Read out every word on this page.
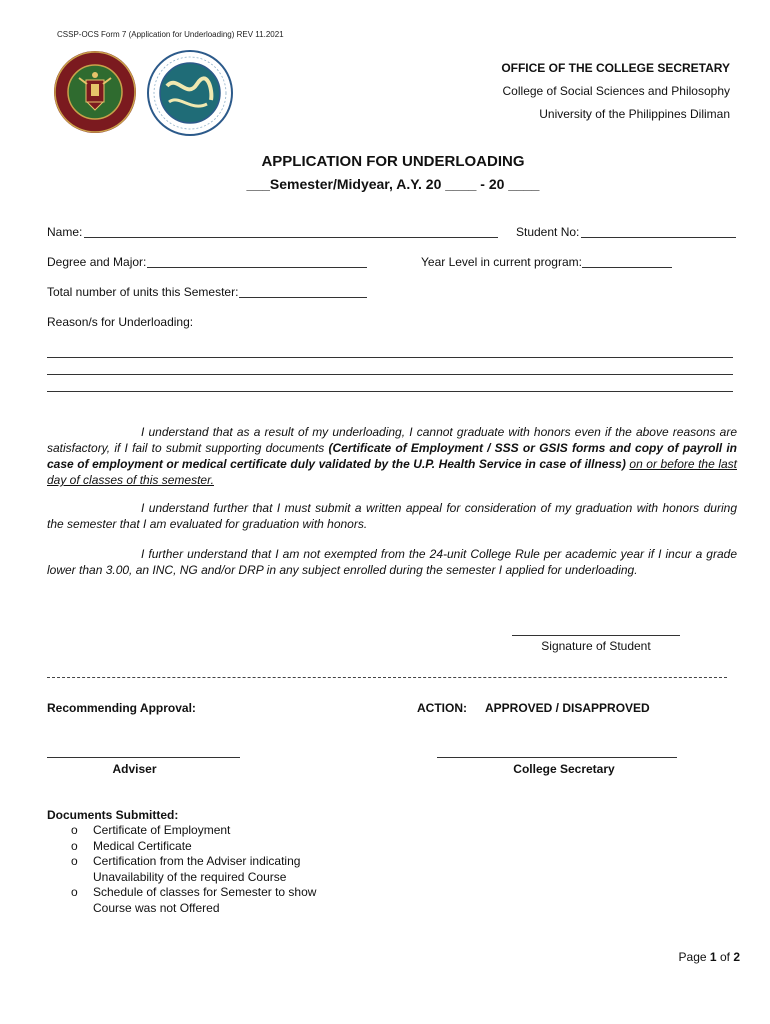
CSSP-OCS Form 7 (Application for Underloading) REV 11.2021
OFFICE OF THE COLLEGE SECRETARY
College of Social Sciences and Philosophy
University of the Philippines Diliman
APPLICATION FOR UNDERLOADING
___Semester/Midyear, A.Y. 20 ____ - 20 ____
Name:	Student No:
Degree and Major:	Year Level in current program:
Total number of units this Semester:
Reason/s for Underloading:
I understand that as a result of my underloading, I cannot graduate with honors even if the above reasons are satisfactory, if I fail to submit supporting documents (Certificate of Employment / SSS or GSIS forms and copy of payroll in case of employment or medical certificate duly validated by the U.P. Health Service in case of illness) on or before the last day of classes of this semester.
I understand further that I must submit a written appeal for consideration of my graduation with honors during the semester that I am evaluated for graduation with honors.
I further understand that I am not exempted from the 24-unit College Rule per academic year if I incur a grade lower than 3.00, an INC, NG and/or DRP in any subject enrolled during the semester I applied for underloading.
Signature of Student
Recommending Approval:	ACTION: APPROVED / DISAPPROVED
Adviser	College Secretary
Documents Submitted:
o Certificate of Employment
o Medical Certificate
o Certification from the Adviser indicating Unavailability of the required Course
o Schedule of classes for Semester to show Course was not Offered
Page 1 of 2
